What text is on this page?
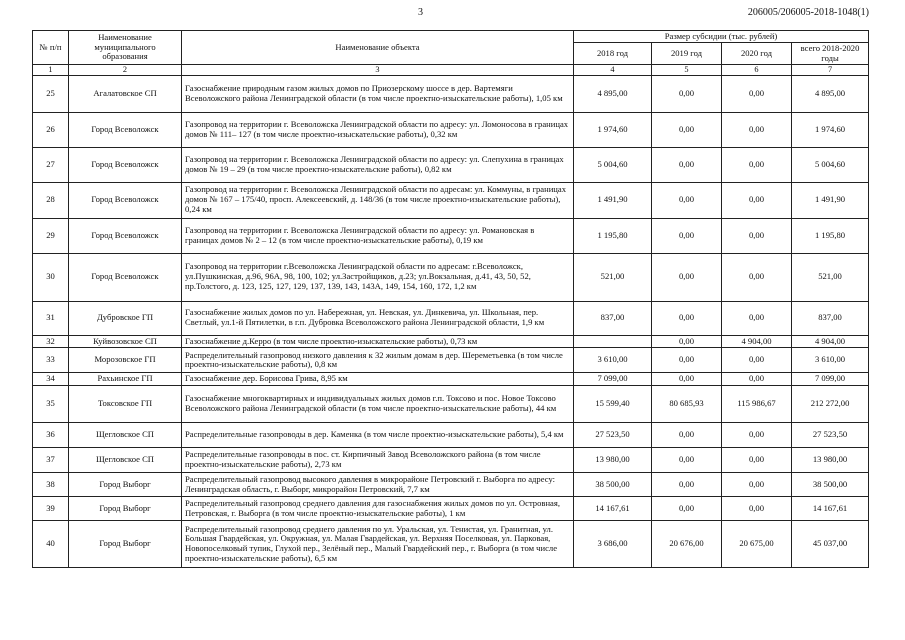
3	206005/206005-2018-1048(1)
№ п/п	Наименование муниципального образования	Наименование объекта	Размер субсидии (тыс. рублей)			
			2018 год	2019 год	2020 год	всего 2018-2020 годы
1	2	3	4	5	6	7
25	Агалатовское СП	Газоснабжение природным газом жилых домов по Приозерскому шоссе в дер. Вартемяги Всеволожского района Ленинградской области (в том числе проектно-изыскательские работы), 1,05 км	4 895,00	0,00	0,00	4 895,00
26	Город Всеволожск	Газопровод на территории г. Всеволожска Ленинградской области по адресу: ул. Ломоносова в границах домов № 111– 127 (в том числе проектно-изыскательские работы), 0,32 км	1 974,60	0,00	0,00	1 974,60
27	Город Всеволожск	Газопровод на территории г. Всеволожска Ленинградской области по адресу: ул. Слепухина в границах домов № 19 – 29 (в том числе проектно-изыскательские работы), 0,82 км	5 004,60	0,00	0,00	5 004,60
28	Город Всеволожск	Газопровод на территории г. Всеволожска Ленинградской области по адресам: ул. Коммуны, в границах домов № 167 – 175/40, просп. Алексеевский, д. 148/36 (в том числе проектно-изыскательские работы), 0,24 км	1 491,90	0,00	0,00	1 491,90
29	Город Всеволожск	Газопровод на территории г. Всеволожска Ленинградской области по адресу: ул. Романовская в границах домов № 2 – 12 (в том числе проектно-изыскательские работы), 0,19 км	1 195,80	0,00	0,00	1 195,80
30	Город Всеволожск	Газопровод на территории г.Всеволожска Ленинградской области по адресам: г.Всеволожск, ул.Пушкинская, д.96, 96А, 98, 100, 102; ул.Застройщиков, д.23; ул.Вокзальная, д.41, 43, 50, 52, пр.Толстого, д. 123, 125, 127, 129, 137, 139, 143, 143А, 149, 154, 160, 172, 1,2 км	521,00	0,00	0,00	521,00
31	Дубровское ГП	Газоснабжение жилых домов по ул. Набережная, ул. Невская, ул. Динкевича, ул. Школьная, пер. Светлый, ул.1-й Пятилетки, в г.п. Дубровка Всеволожского района Ленинградской области, 1,9 км	837,00	0,00	0,00	837,00
32	Куйвозовское СП	Газоснабжение д.Керро (в том числе проектно-изыскательские работы), 0,73 км		0,00	4 904,00	4 904,00
33	Морозовское ГП	Распределительный газопровод низкого давления к 32 жилым домам в дер. Шереметьевка (в том числе проектно-изыскательские работы), 0,8 км	3 610,00	0,00	0,00	3 610,00
34	Рахьинское ГП	Газоснабжение дер. Борисова Грива, 8,95 км	7 099,00	0,00	0,00	7 099,00
35	Токсовское ГП	Газоснабжение многоквартирных и индивидуальных жилых домов г.п. Токсово и пос. Новое Токсово Всеволожского района Ленинградской области (в том числе проектно-изыскательские работы), 44 км	15 599,40	80 685,93	115 986,67	212 272,00
36	Щегловское СП	Распределительные газопроводы в дер. Каменка (в том числе проектно-изыскательские работы), 5,4 км	27 523,50	0,00	0,00	27 523,50
37	Щегловское СП	Распределительные газопроводы в пос. ст. Кирпичный Завод Всеволожского района (в том числе проектно-изыскательские работы), 2,73 км	13 980,00	0,00	0,00	13 980,00
38	Город Выборг	Распределительный газопровод высокого давления в микрорайоне Петровский г. Выборга по адресу: Ленинградская область, г. Выборг, микрорайон Петровский, 7,7 км	38 500,00	0,00	0,00	38 500,00
39	Город Выборг	Распределительный газопровод среднего давления для газоснабжения жилых домов по ул. Островная, Петровская, г. Выборга (в том числе проектно-изыскательские работы), 1 км	14 167,61	0,00	0,00	14 167,61
40	Город Выборг	Распределительный газопровод среднего давления по ул. Уральская, ул. Тенистая, ул. Гранитная, ул. Большая Гвардейская, ул. Окружная, ул. Малая Гвардейская, ул. Верхняя Поселковая, ул. Парковая, Новопоселковый тупик, Глухой пер., Зелёный пер., Малый Гвардейский пер., г. Выборга (в том числе проектно-изыскательские работы), 6,5 км	3 686,00	20 676,00	20 675,00	45 037,00
